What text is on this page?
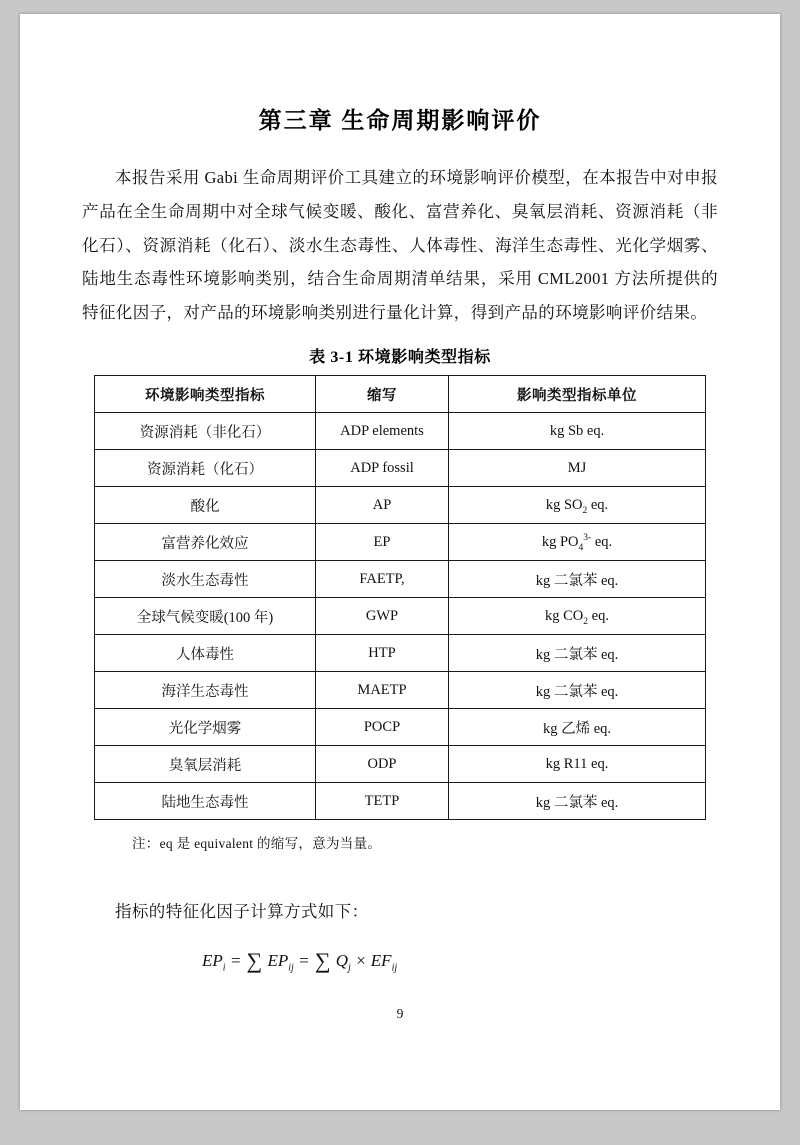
第三章 生命周期影响评价

本报告采用 Gabi 生命周期评价工具建立的环境影响评价模型，在本报告中对申报产品在全生命周期中对全球气候变暖、酸化、富营养化、臭氧层消耗、资源消耗（非化石）、资源消耗（化石）、淡水生态毒性、人体毒性、海洋生态毒性、光化学烟雾、陆地生态毒性环境影响类别，结合生命周期清单结果，采用 CML2001 方法所提供的特征化因子，对产品的环境影响类别进行量化计算，得到产品的环境影响评价结果。

表 3-1 环境影响类型指标
环境影响类型指标	缩写	影响类型指标单位
资源消耗（非化石）	ADP elements	kg Sb eq.
资源消耗（化石）	ADP fossil	MJ
酸化	AP	kg $SO_2$ eq.
富营养化效应	EP	kg $PO_4^{3-}$ eq.
淡水生态毒性	FAETP,	kg 二氯苯 eq.
全球气候变暖(100 年)	GWP	kg $CO_2$ eq.
人体毒性	HTP	kg 二氯苯 eq.
海洋生态毒性	MAETP	kg 二氯苯 eq.
光化学烟雾	POCP	kg 乙烯 eq.
臭氧层消耗	ODP	kg R11 eq.
陆地生态毒性	TETP	kg 二氯苯 eq.
注：eq 是 equivalent 的缩写，意为当量。

指标的特征化因子计算方式如下：

$EP_i$ = ∑ $EP_{ij}$ = ∑ $Q_j \times EF_{ij}$
9
